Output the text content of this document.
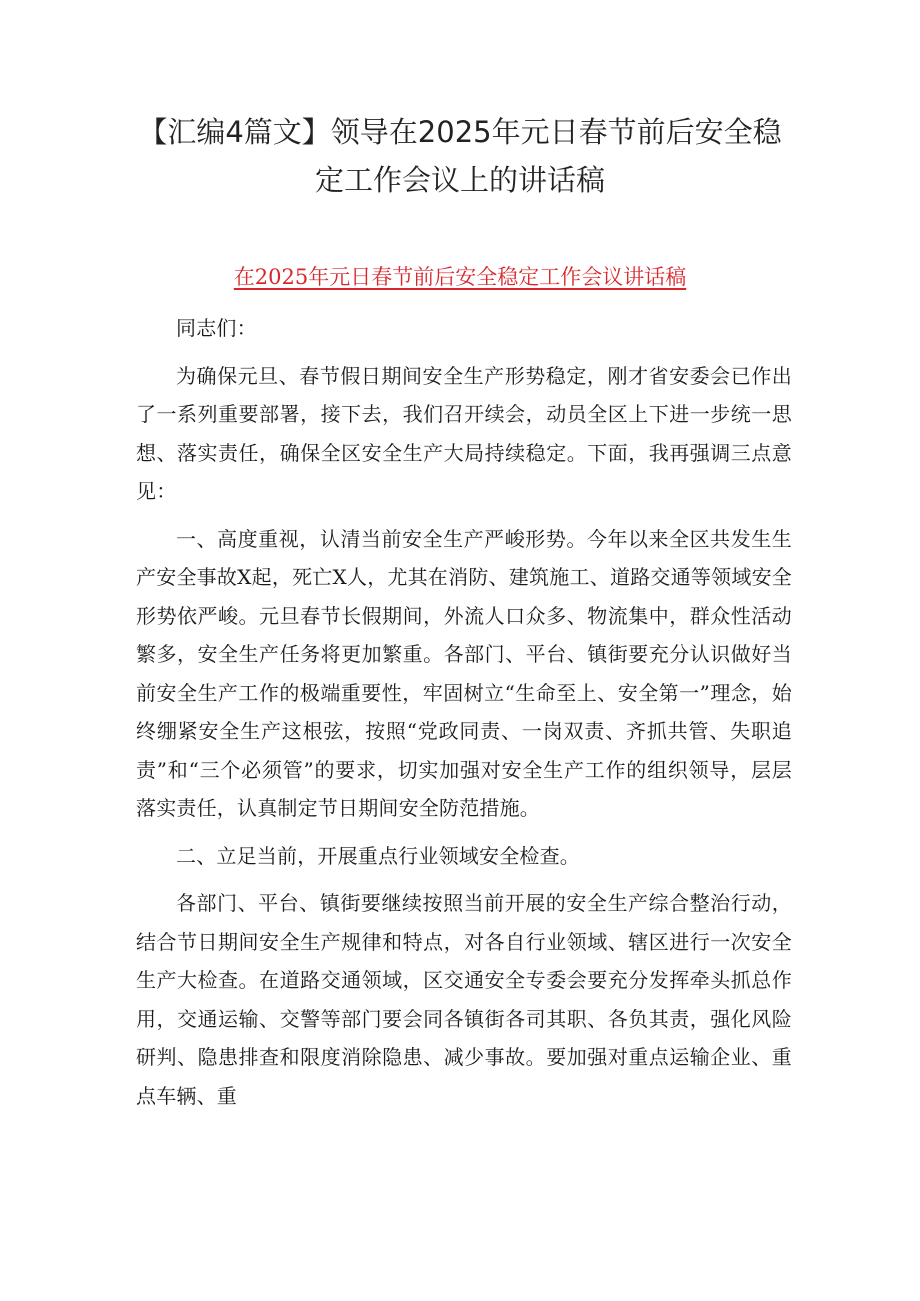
【汇编4篇文】领导在2025年元日春节前后安全稳
定工作会议上的讲话稿
在2025年元日春节前后安全稳定工作会议讲话稿

同志们：

为确保元旦、春节假日期间安全生产形势稳定，刚才省安委会已作出了一系列重要部署，接下去，我们召开续会，动员全区上下进一步统一思想、落实责任，确保全区安全生产大局持续稳定。下面，我再强调三点意见：

一、高度重视，认清当前安全生产严峻形势。今年以来全区共发生生产安全事故X起，死亡X人，尤其在消防、建筑施工、道路交通等领域安全形势依严峻。元旦春节长假期间，外流人口众多、物流集中，群众性活动繁多，安全生产任务将更加繁重。各部门、平台、镇街要充分认识做好当前安全生产工作的极端重要性，牢固树立“生命至上、安全第一”理念，始终绷紧安全生产这根弦，按照“党政同责、一岗双责、齐抓共管、失职追责”和“三个必须管”的要求，切实加强对安全生产工作的组织领导，层层落实责任，认真制定节日期间安全防范措施。

二、立足当前，开展重点行业领域安全检查。

各部门、平台、镇街要继续按照当前开展的安全生产综合整治行动，结合节日期间安全生产规律和特点，对各自行业领域、辖区进行一次安全生产大检查。在道路交通领域，区交通安全专委会要充分发挥牵头抓总作用，交通运输、交警等部门要会同各镇街各司其职、各负其责，强化风险研判、隐患排查和限度消除隐患、减少事故。要加强对重点运输企业、重点车辆、重
